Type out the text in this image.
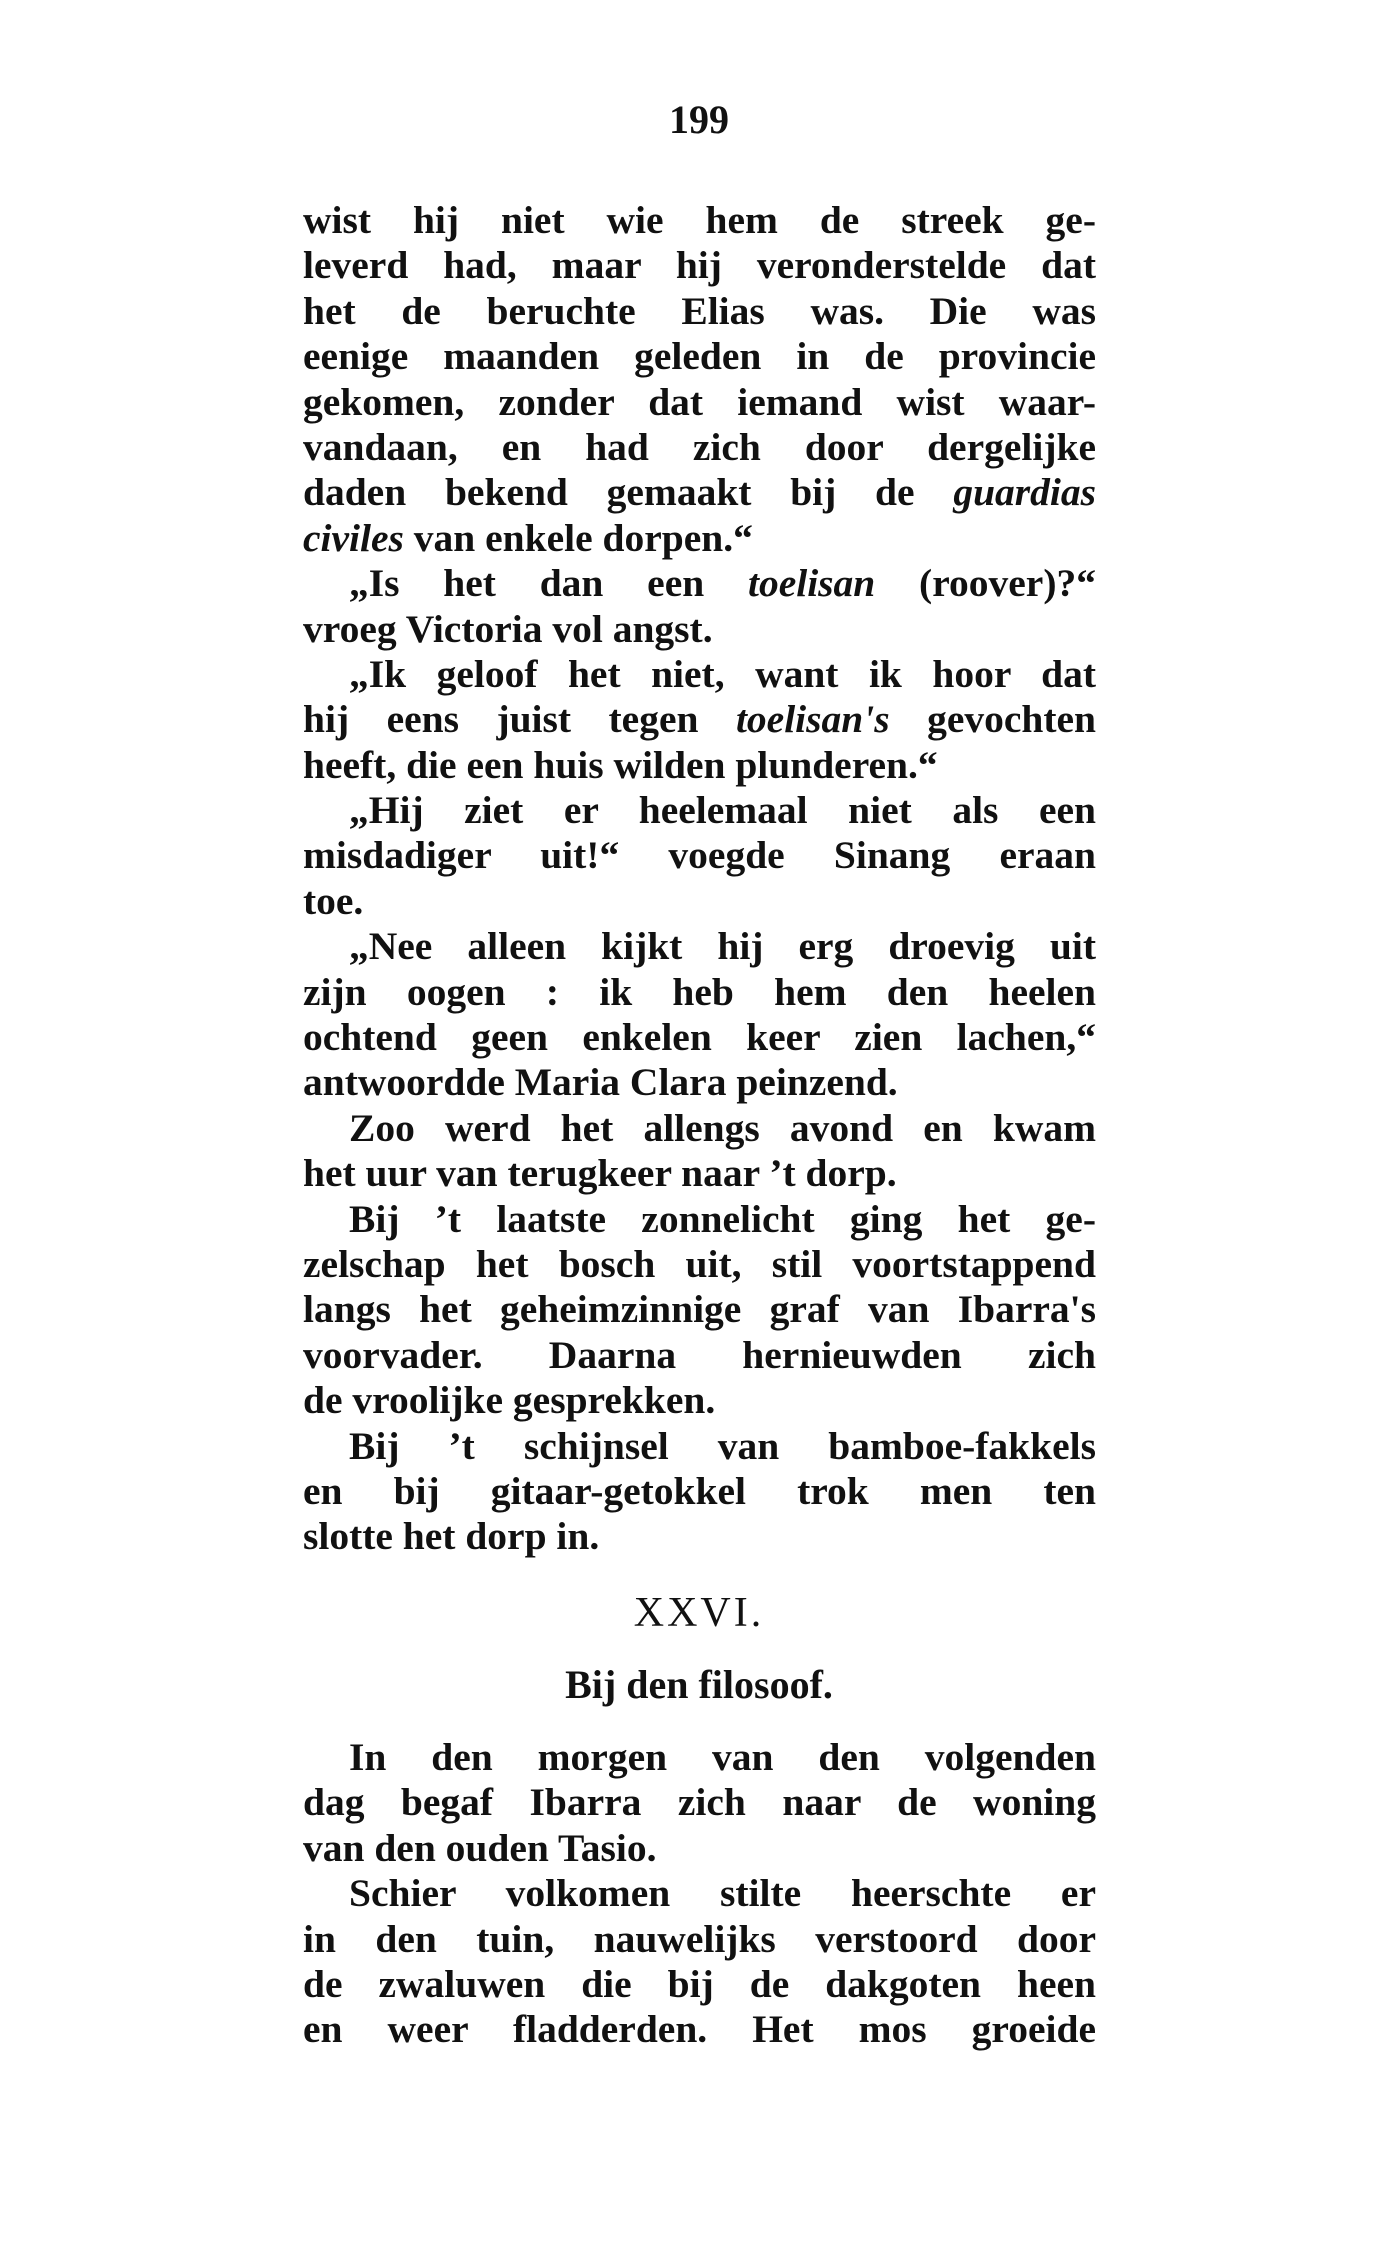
199
wist hij niet wie hem de streek ge-
leverd had, maar hij veronderstelde dat
het de beruchte Elias was. Die was
eenige maanden geleden in de provincie
gekomen, zonder dat iemand wist waar-
vandaan, en had zich door dergelijke
daden bekend gemaakt bij de guardias
civiles van enkele dorpen.“
„Is het dan een toelisan (roover)?“
vroeg Victoria vol angst.
„Ik geloof het niet, want ik hoor dat
hij eens juist tegen toelisan's gevochten
heeft, die een huis wilden plunderen.“
„Hij ziet er heelemaal niet als een
misdadiger uit!“ voegde Sinang eraan
toe.
„Nee alleen kijkt hij erg droevig uit
zijn oogen : ik heb hem den heelen
ochtend geen enkelen keer zien lachen,“
antwoordde Maria Clara peinzend.
Zoo werd het allengs avond en kwam
het uur van terugkeer naar ’t dorp.
Bij ’t laatste zonnelicht ging het ge-
zelschap het bosch uit, stil voortstappend
langs het geheimzinnige graf van Ibarra's
voorvader. Daarna hernieuwden zich
de vroolijke gesprekken.
Bij ’t schijnsel van bamboe-fakkels
en bij gitaar-getokkel trok men ten
slotte het dorp in.
XXVI.
Bij den filosoof.
In den morgen van den volgenden
dag begaf Ibarra zich naar de woning
van den ouden Tasio.
Schier volkomen stilte heerschte er
in den tuin, nauwelijks verstoord door
de zwaluwen die bij de dakgoten heen
en weer fladderden. Het mos groeide
